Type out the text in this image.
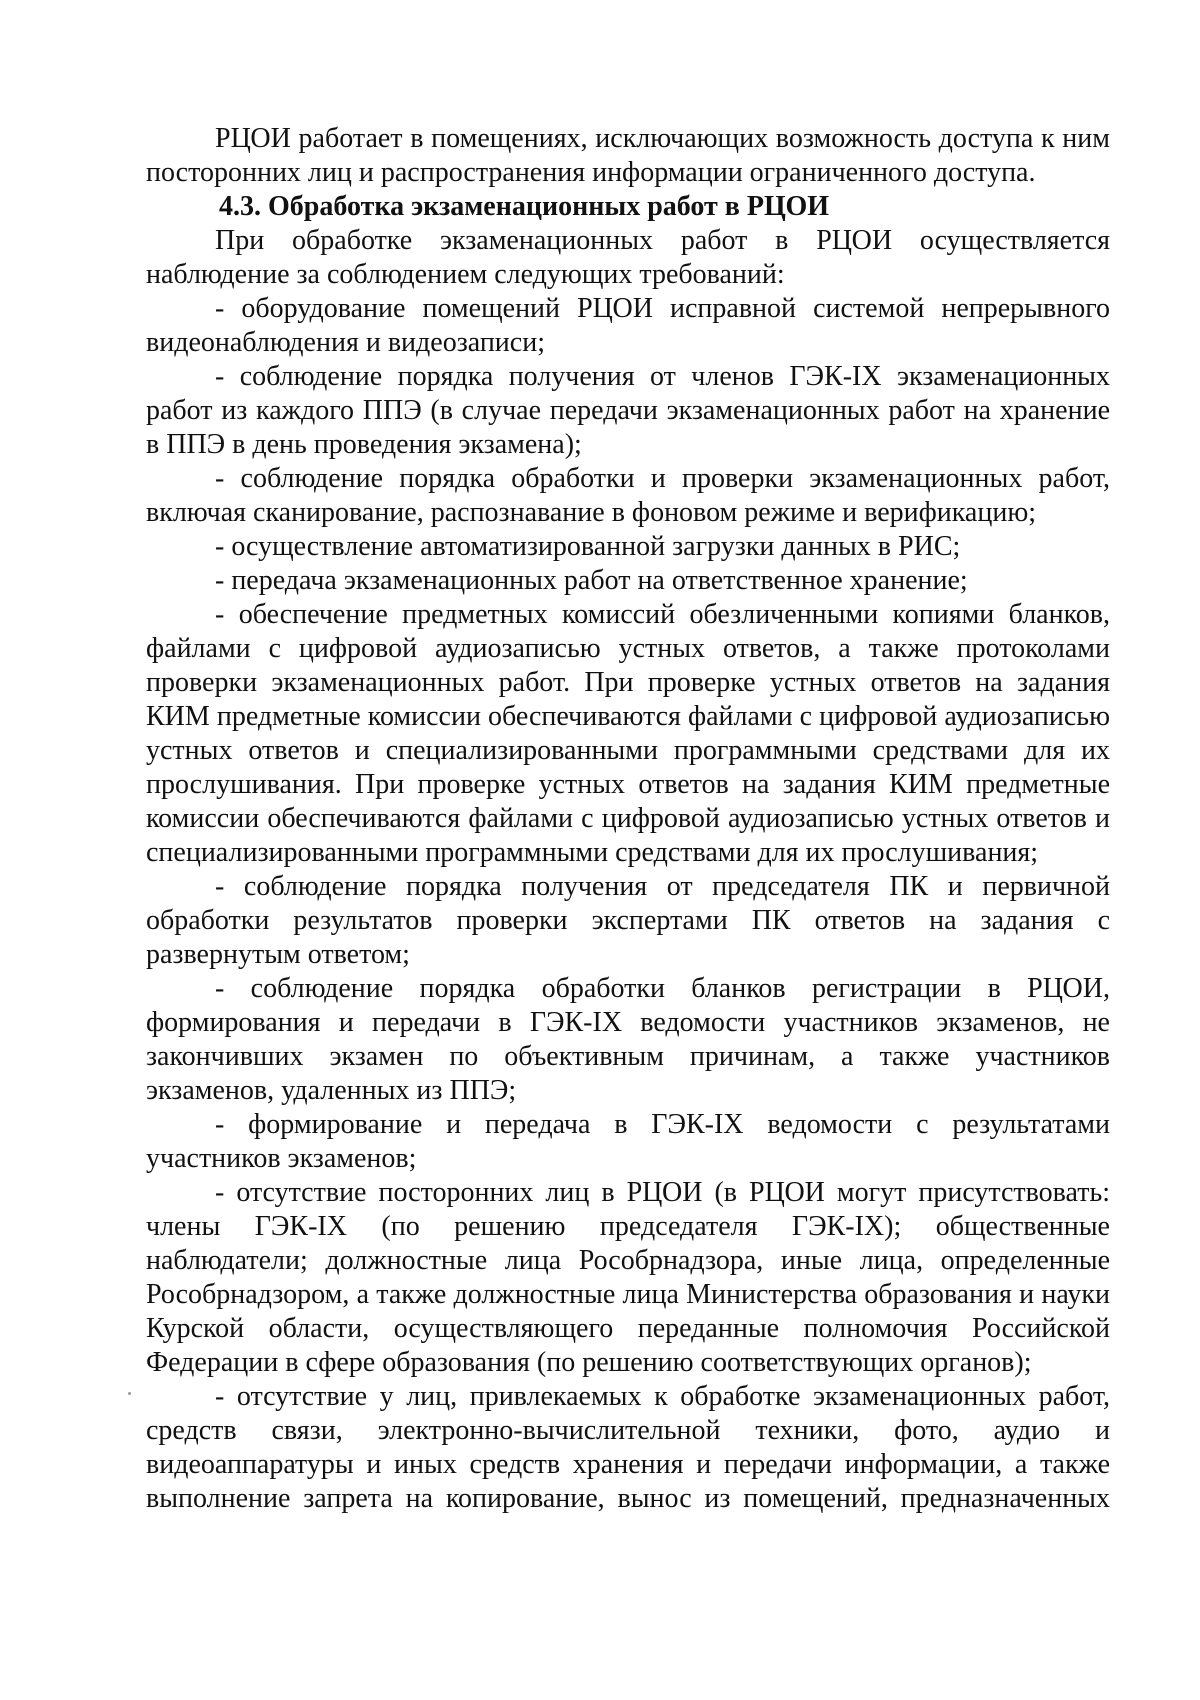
РЦОИ работает в помещениях, исключающих возможность доступа к ним посторонних лиц и распространения информации ограниченного доступа.

4.3. Обработка экзаменационных работ в РЦОИ

При обработке экзаменационных работ в РЦОИ осуществляется наблюдение за соблюдением следующих требований:

- оборудование помещений РЦОИ исправной системой непрерывного видеонаблюдения и видеозаписи;

- соблюдение порядка получения от членов ГЭК-IX экзаменационных работ из каждого ППЭ (в случае передачи экзаменационных работ на хранение в ППЭ в день проведения экзамена);

- соблюдение порядка обработки и проверки экзаменационных работ, включая сканирование, распознавание в фоновом режиме и верификацию;

- осуществление автоматизированной загрузки данных в РИС;

- передача экзаменационных работ на ответственное хранение;

- обеспечение предметных комиссий обезличенными копиями бланков, файлами с цифровой аудиозаписью устных ответов, а также протоколами проверки экзаменационных работ. При проверке устных ответов на задания КИМ предметные комиссии обеспечиваются файлами с цифровой аудиозаписью устных ответов и специализированными программными средствами для их прослушивания. При проверке устных ответов на задания КИМ предметные комиссии обеспечиваются файлами с цифровой аудиозаписью устных ответов и специализированными программными средствами для их прослушивания;

- соблюдение порядка получения от председателя ПК и первичной обработки результатов проверки экспертами ПК ответов на задания с развернутым ответом;

- соблюдение порядка обработки бланков регистрации в РЦОИ, формирования и передачи в ГЭК-IX ведомости участников экзаменов, не закончивших экзамен по объективным причинам, а также участников экзаменов, удаленных из ППЭ;

- формирование и передача в ГЭК-IX ведомости с результатами участников экзаменов;

- отсутствие посторонних лиц в РЦОИ (в РЦОИ могут присутствовать: члены ГЭК-IX (по решению председателя ГЭК-IX); общественные наблюдатели; должностные лица Рособрнадзора, иные лица, определенные Рособрнадзором, а также должностные лица Министерства образования и науки Курской области, осуществляющего переданные полномочия Российской Федерации в сфере образования (по решению соответствующих органов);

- отсутствие у лиц, привлекаемых к обработке экзаменационных работ, средств связи, электронно-вычислительной техники, фото, аудио и видеоаппаратуры и иных средств хранения и передачи информации, а также выполнение запрета на копирование, вынос из помещений, предназначенных
